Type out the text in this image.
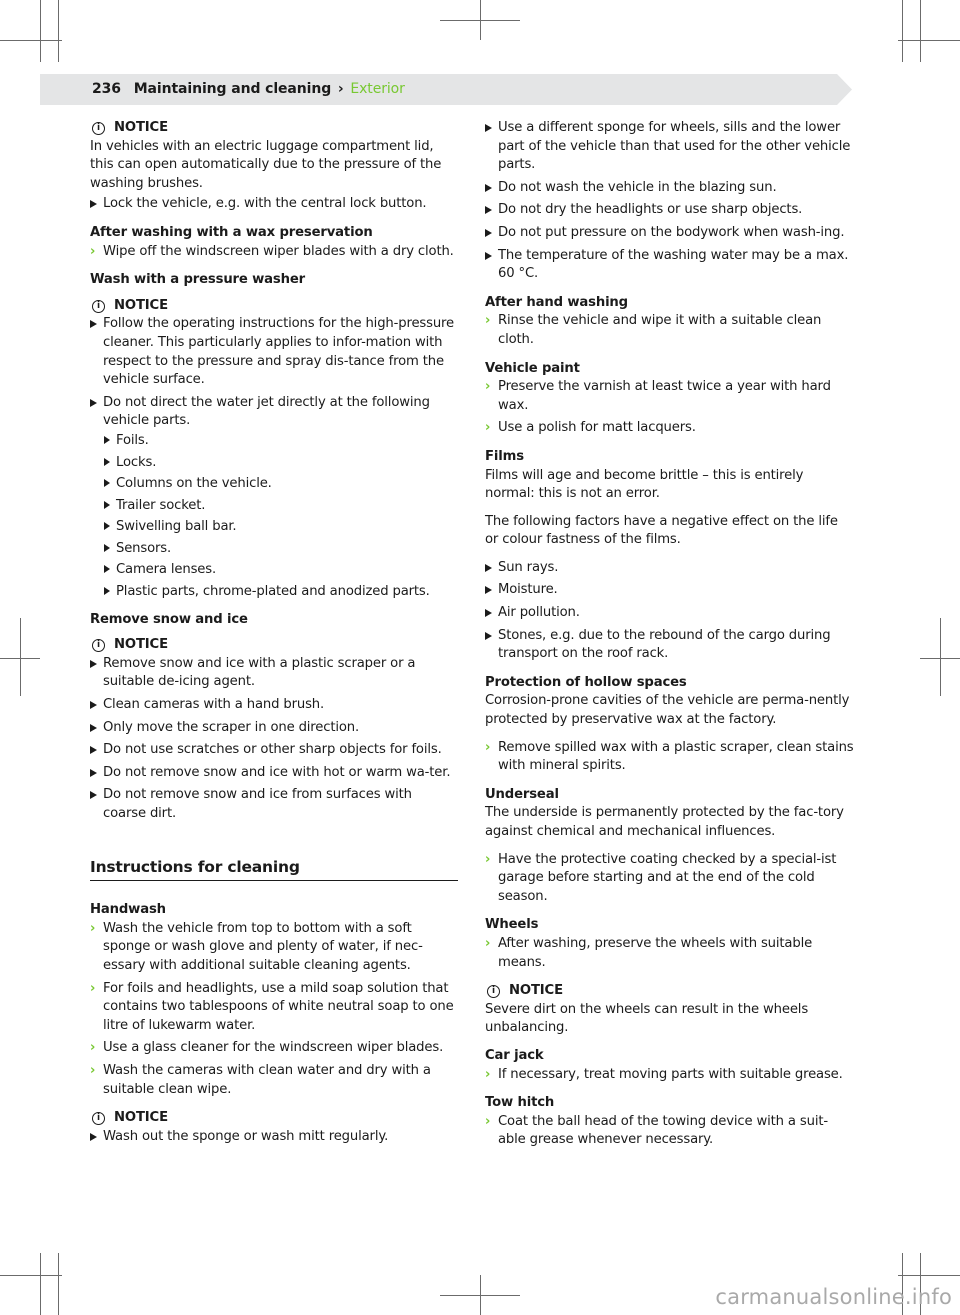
236 Maintaining and cleaning › Exterior
i	NOTICE
In vehicles with an electric luggage compartment lid, this can open automatically due to the pressure of the washing brushes.
Lock the vehicle, e.g. with the central lock button.
After washing with a wax preservation
› Wipe off the windscreen wiper blades with a dry cloth.
Wash with a pressure washer
i	NOTICE
Follow the operating instructions for the high-pressure cleaner. This particularly applies to infor-mation with respect to the pressure and spray dis-tance from the vehicle surface.
Do not direct the water jet directly at the following vehicle parts.
Foils.
Locks.
Columns on the vehicle.
Trailer socket.
Swivelling ball bar.
Sensors.
Camera lenses.
Plastic parts, chrome-plated and anodized parts.
Remove snow and ice
i	NOTICE
Remove snow and ice with a plastic scraper or a suitable de-icing agent.
Clean cameras with a hand brush.
Only move the scraper in one direction.
Do not use scratches or other sharp objects for foils.
Do not remove snow and ice with hot or warm wa-ter.
Do not remove snow and ice from surfaces with coarse dirt.
Instructions for cleaning
Handwash
› Wash the vehicle from top to bottom with a soft sponge or wash glove and plenty of water, if nec-essary with additional suitable cleaning agents.
› For foils and headlights, use a mild soap solution that contains two tablespoons of white neutral soap to one litre of lukewarm water.
› Use a glass cleaner for the windscreen wiper blades.
› Wash the cameras with clean water and dry with a suitable clean wipe.
i	NOTICE
Wash out the sponge or wash mitt regularly.
Use a different sponge for wheels, sills and the lower part of the vehicle than that used for the other vehicle parts.
Do not wash the vehicle in the blazing sun.
Do not dry the headlights or use sharp objects.
Do not put pressure on the bodywork when wash-ing.
The temperature of the washing water may be a max. 60 °C.
After hand washing
› Rinse the vehicle and wipe it with a suitable clean cloth.
Vehicle paint
› Preserve the varnish at least twice a year with hard wax.
› Use a polish for matt lacquers.
Films
Films will age and become brittle – this is entirely normal: this is not an error.
The following factors have a negative effect on the life or colour fastness of the films.
Sun rays.
Moisture.
Air pollution.
Stones, e.g. due to the rebound of the cargo during transport on the roof rack.
Protection of hollow spaces
Corrosion-prone cavities of the vehicle are perma-nently protected by preservative wax at the factory.
› Remove spilled wax with a plastic scraper, clean stains with mineral spirits.
Underseal
The underside is permanently protected by the fac-tory against chemical and mechanical influences.
› Have the protective coating checked by a special-ist garage before starting and at the end of the cold season.
Wheels
› After washing, preserve the wheels with suitable means.
i	NOTICE
Severe dirt on the wheels can result in the wheels unbalancing.
Car jack
› If necessary, treat moving parts with suitable grease.
Tow hitch
› Coat the ball head of the towing device with a suit-able grease whenever necessary.
carmanualsonline.info
